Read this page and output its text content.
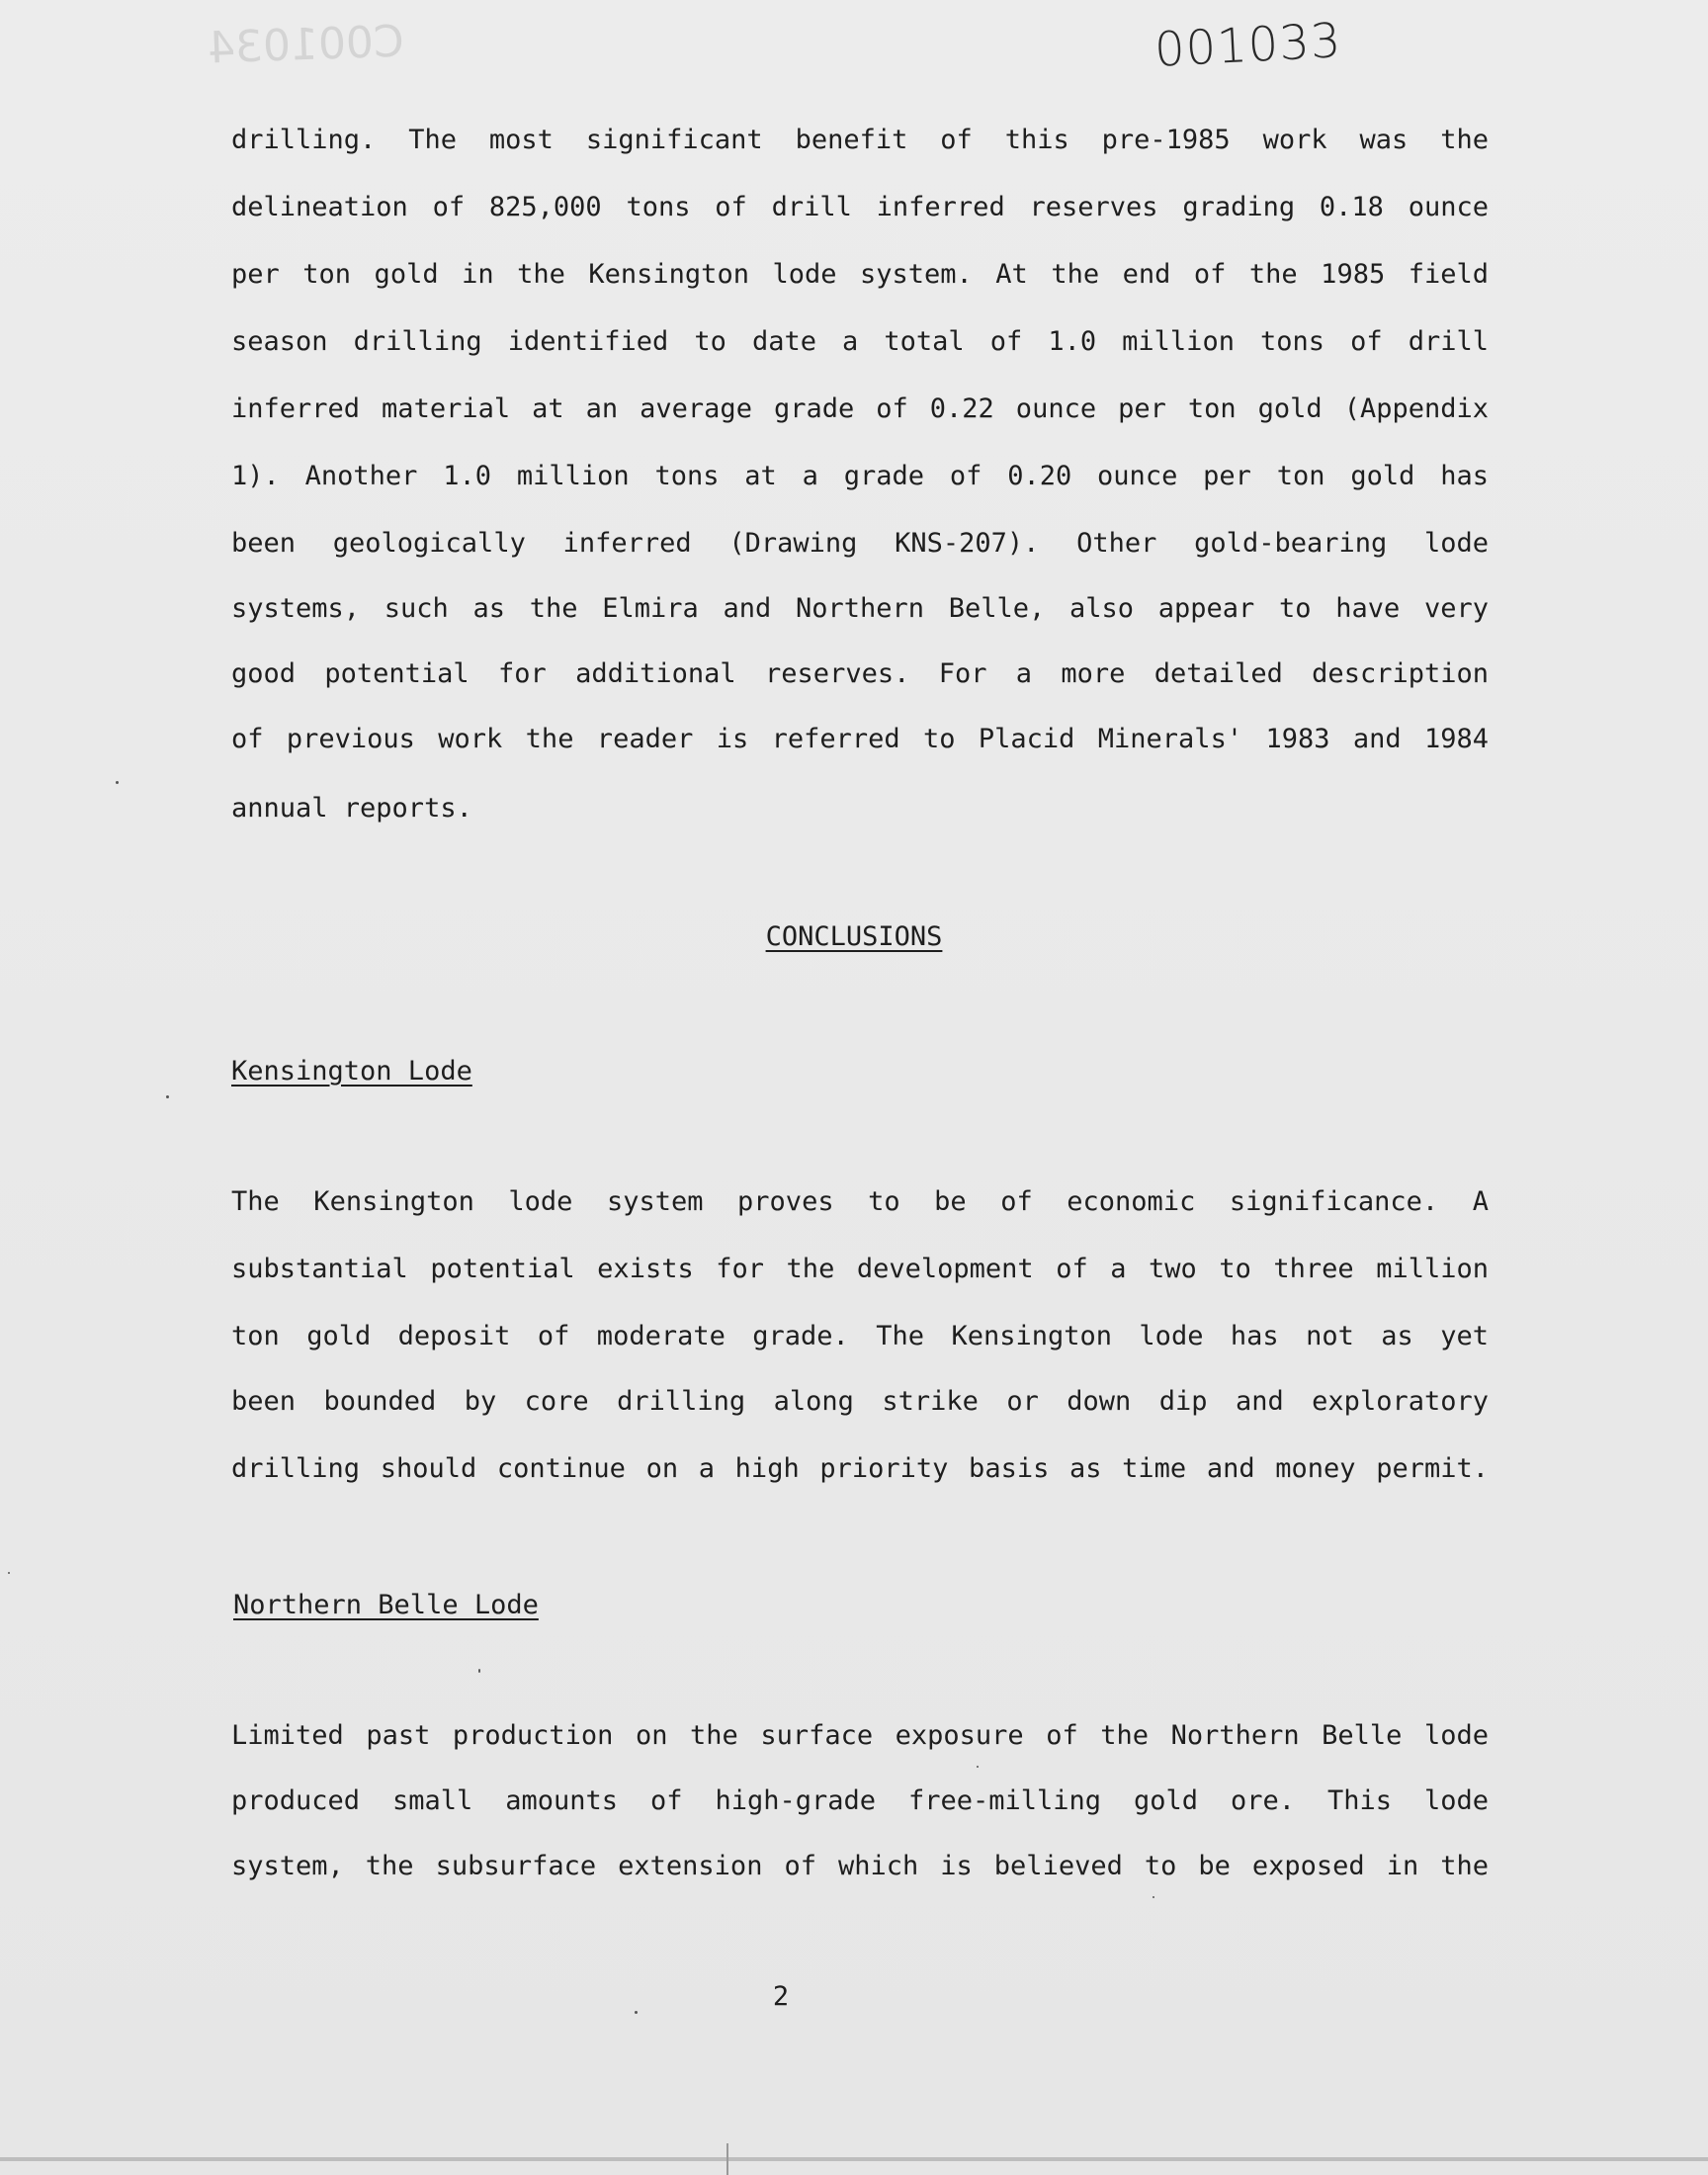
C001034	001033
drilling. The most significant benefit of this pre-1985 work was the
delineation of 825,000 tons of drill inferred reserves grading 0.18 ounce
per ton gold in the Kensington lode system. At the end of the 1985 field
season drilling identified to date a total of 1.0 million tons of drill
inferred material at an average grade of 0.22 ounce per ton gold (Appendix
1). Another 1.0 million tons at a grade of 0.20 ounce per ton gold has
been geologically inferred (Drawing KNS-207). Other gold-bearing lode
systems, such as the Elmira and Northern Belle, also appear to have very
good potential for additional reserves. For a more detailed description
of previous work the reader is referred to Placid Minerals' 1983 and 1984
annual reports.
CONCLUSIONS
Kensington Lode
The Kensington lode system proves to be of economic significance. A
substantial potential exists for the development of a two to three million
ton gold deposit of moderate grade. The Kensington lode has not as yet
been bounded by core drilling along strike or down dip and exploratory
drilling should continue on a high priority basis as time and money permit.
Northern Belle Lode
Limited past production on the surface exposure of the Northern Belle lode
produced small amounts of high-grade free-milling gold ore. This lode
system, the subsurface extension of which is believed to be exposed in the
2
